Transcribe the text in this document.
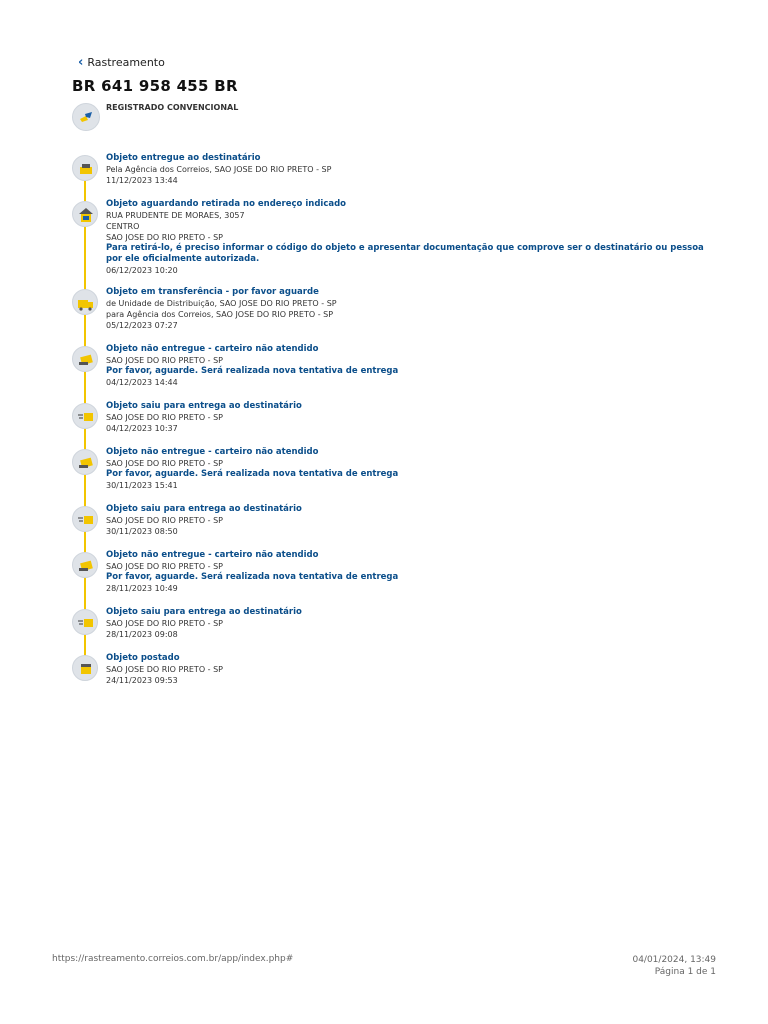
‹ Rastreamento
BR 641 958 455 BR
REGISTRADO CONVENCIONAL
Objeto entregue ao destinatário
Pela Agência dos Correios, SAO JOSE DO RIO PRETO - SP
11/12/2023 13:44
Objeto aguardando retirada no endereço indicado
RUA PRUDENTE DE MORAES, 3057
CENTRO
SAO JOSE DO RIO PRETO - SP
Para retirá-lo, é preciso informar o código do objeto e apresentar documentação que comprove ser o destinatário ou pessoa por ele oficialmente autorizada.
06/12/2023 10:20
Objeto em transferência - por favor aguarde
de Unidade de Distribuição, SAO JOSE DO RIO PRETO - SP
para Agência dos Correios, SAO JOSE DO RIO PRETO - SP
05/12/2023 07:27
Objeto não entregue - carteiro não atendido
SAO JOSE DO RIO PRETO - SP
Por favor, aguarde. Será realizada nova tentativa de entrega
04/12/2023 14:44
Objeto saiu para entrega ao destinatário
SAO JOSE DO RIO PRETO - SP
04/12/2023 10:37
Objeto não entregue - carteiro não atendido
SAO JOSE DO RIO PRETO - SP
Por favor, aguarde. Será realizada nova tentativa de entrega
30/11/2023 15:41
Objeto saiu para entrega ao destinatário
SAO JOSE DO RIO PRETO - SP
30/11/2023 08:50
Objeto não entregue - carteiro não atendido
SAO JOSE DO RIO PRETO - SP
Por favor, aguarde. Será realizada nova tentativa de entrega
28/11/2023 10:49
Objeto saiu para entrega ao destinatário
SAO JOSE DO RIO PRETO - SP
28/11/2023 09:08
Objeto postado
SAO JOSE DO RIO PRETO - SP
24/11/2023 09:53
https://rastreamento.correios.com.br/app/index.php#	04/01/2024, 13:49
Página 1 de 1
